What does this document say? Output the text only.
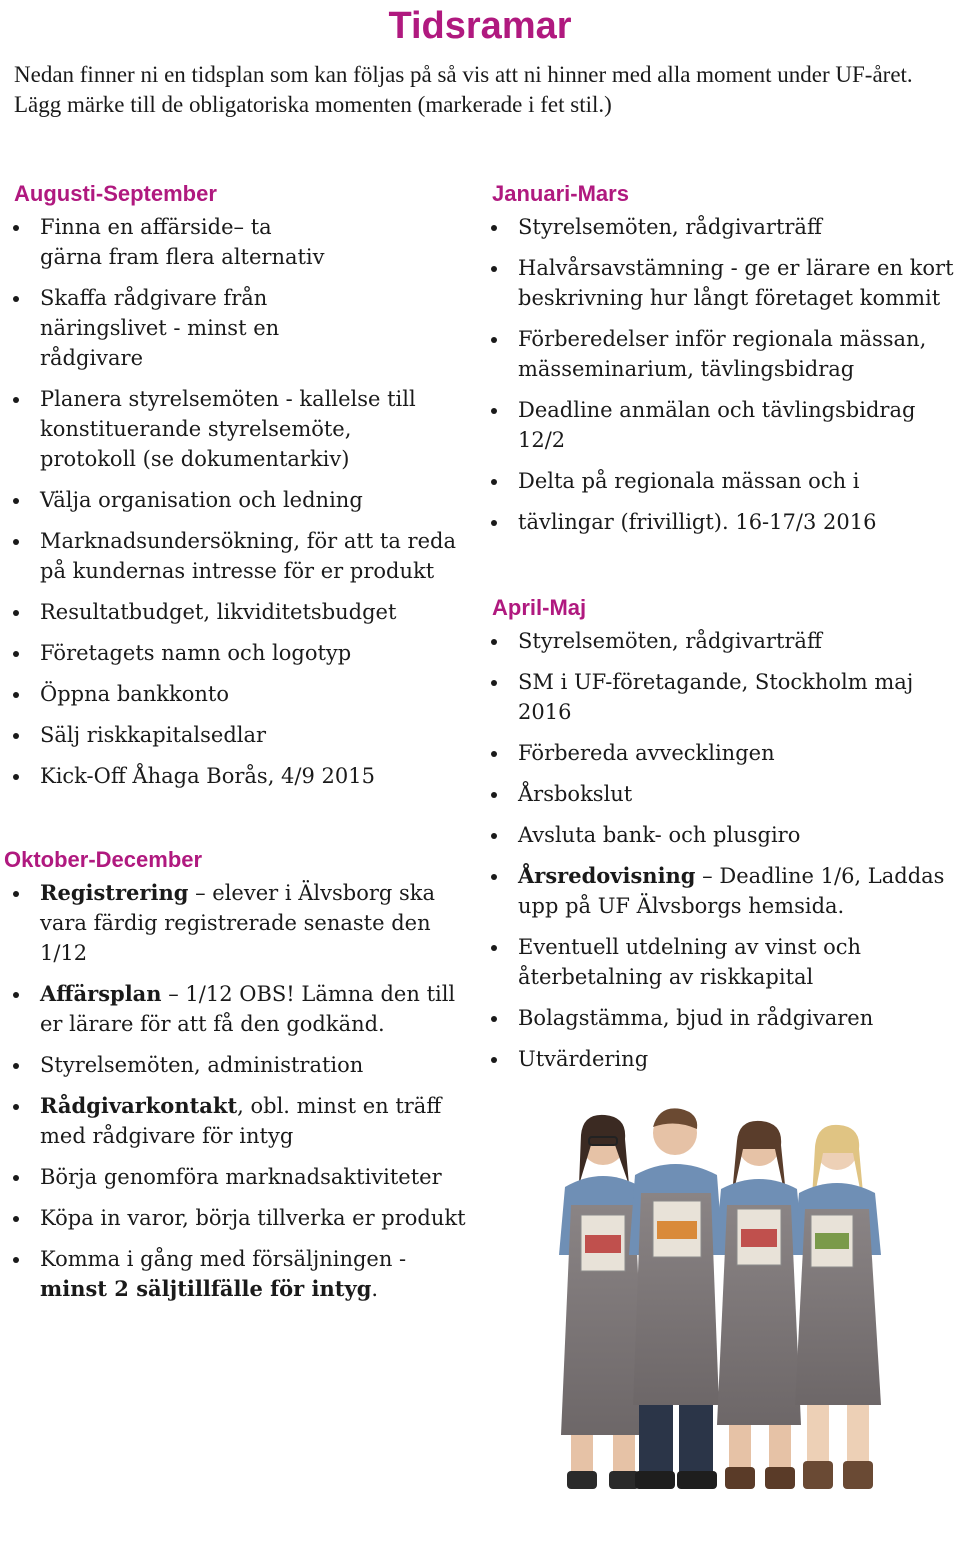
Tidsramar
Nedan finner ni en tidsplan som kan följas på så vis att ni hinner med alla moment under UF-året. Lägg märke till de obligatoriska momenten (markerade i fet stil.)
Augusti-September
Finna en affärside– ta gärna fram flera alternativ
Skaffa rådgivare från näringslivet - minst en rådgivare
Planera styrelsemöten - kallelse till konstituerande styrelsemöte, protokoll (se dokumentarkiv)
Välja organisation och ledning
Marknadsundersökning, för att ta reda på kundernas intresse för er produkt
Resultatbudget, likviditetsbudget
Företagets namn och logotyp
Öppna bankkonto
Sälj riskkapitalsedlar
Kick-Off Åhaga Borås, 4/9 2015
Oktober-December
Registrering – elever i Älvsborg ska vara färdig registrerade senaste den 1/12
Affärsplan – 1/12 OBS! Lämna den till er lärare för att få den godkänd.
Styrelsemöten, administration
Rådgivarkontakt, obl. minst en träff med rådgivare för intyg
Börja genomföra marknadsaktiviteter
Köpa in varor, börja tillverka er produkt
Komma i gång med försäljningen - minst 2 säljtillfälle för intyg.
Januari-Mars
Styrelsemöten, rådgivarträff
Halvårsavstämning - ge er lärare en kort beskrivning hur långt företaget kommit
Förberedelser inför regionala mässan, mässeminarium, tävlingsbidrag
Deadline anmälan och tävlingsbidrag 12/2
Delta på regionala mässan och i
tävlingar (frivilligt). 16-17/3 2016
April-Maj
Styrelsemöten, rådgivarträff
SM i UF-företagande, Stockholm maj 2016
Förbereda avvecklingen
Årsbokslut
Avsluta bank- och plusgiro
Årsredovisning – Deadline 1/6, Laddas upp på UF Älvsborgs hemsida.
Eventuell utdelning av vinst och återbetalning av riskkapital
Bolagstämma, bjud in rådgivaren
Utvärdering
